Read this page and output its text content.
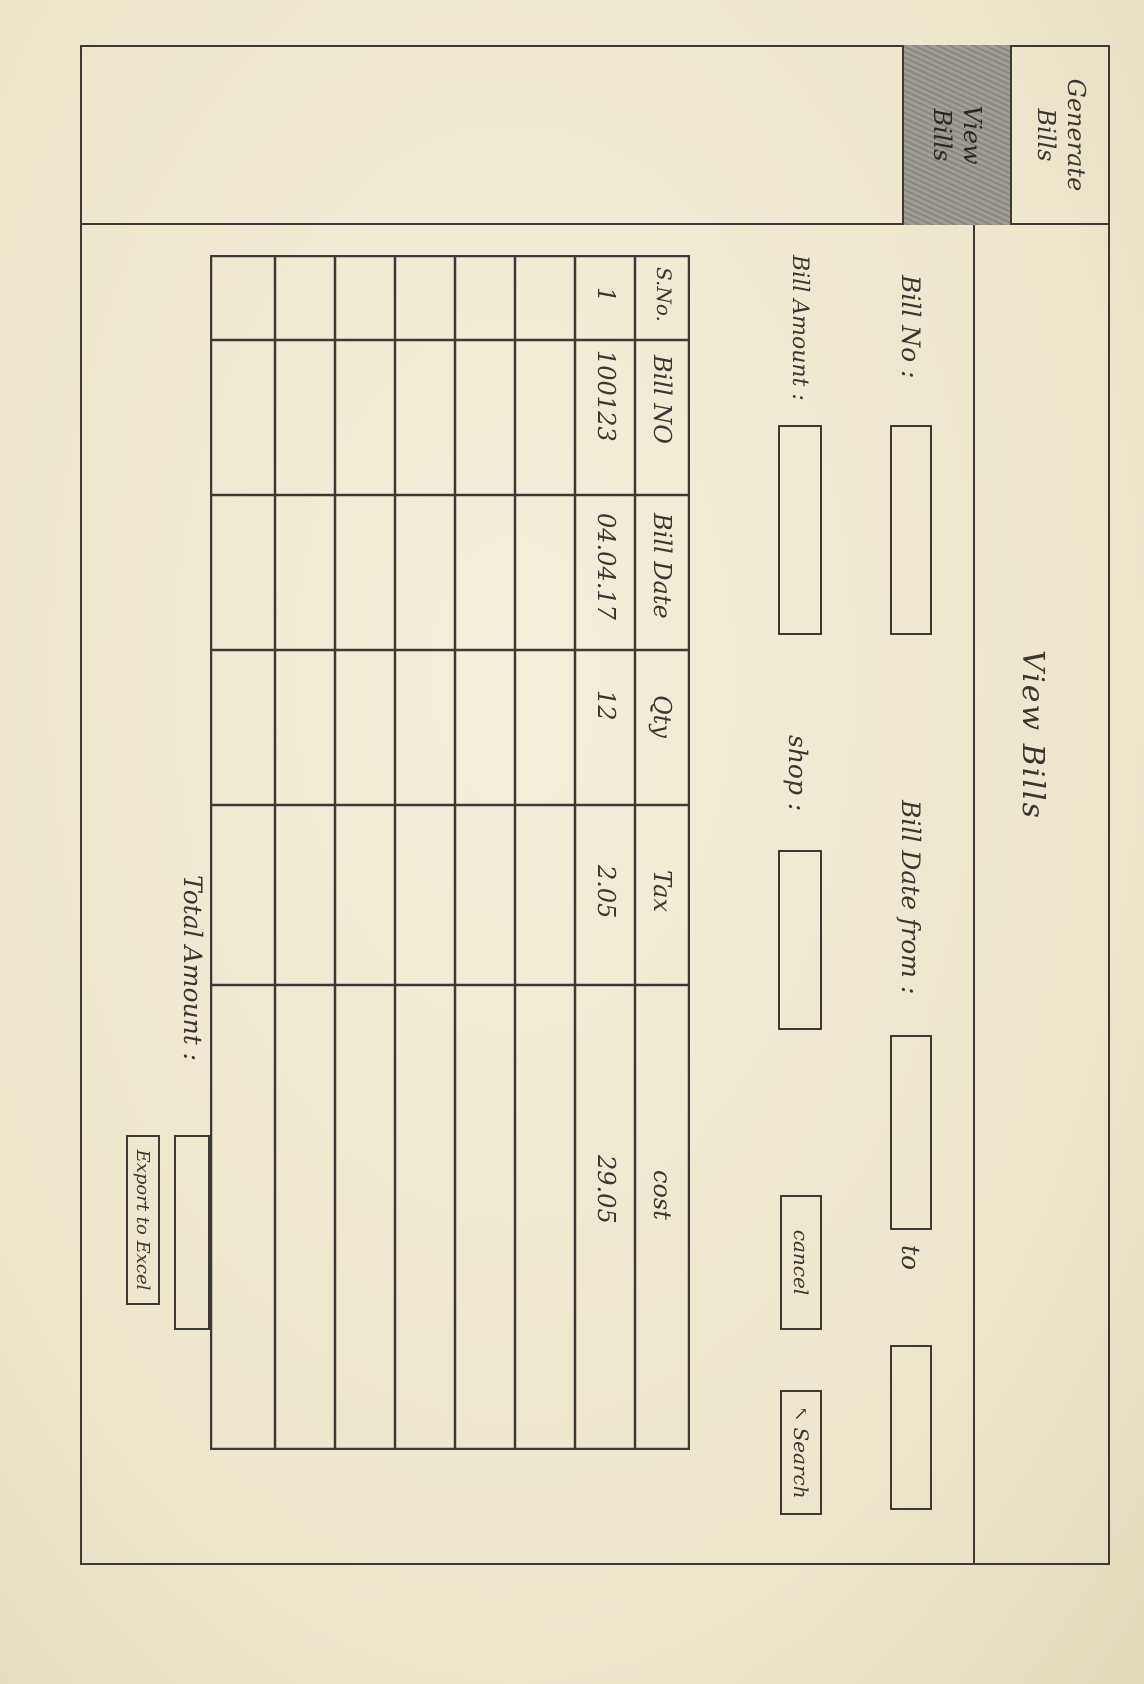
View Bills
Generate
Bills
View
Bills
Bill No :
Bill Date from :
to
Bill Amount :
shop :
cancel
↖
Search
S.No.
Bill NO
Bill Date
Qty
Tax
cost
1
100123
04.04.17
12
2.05
29.05
Total Amount :
Export to Excel
